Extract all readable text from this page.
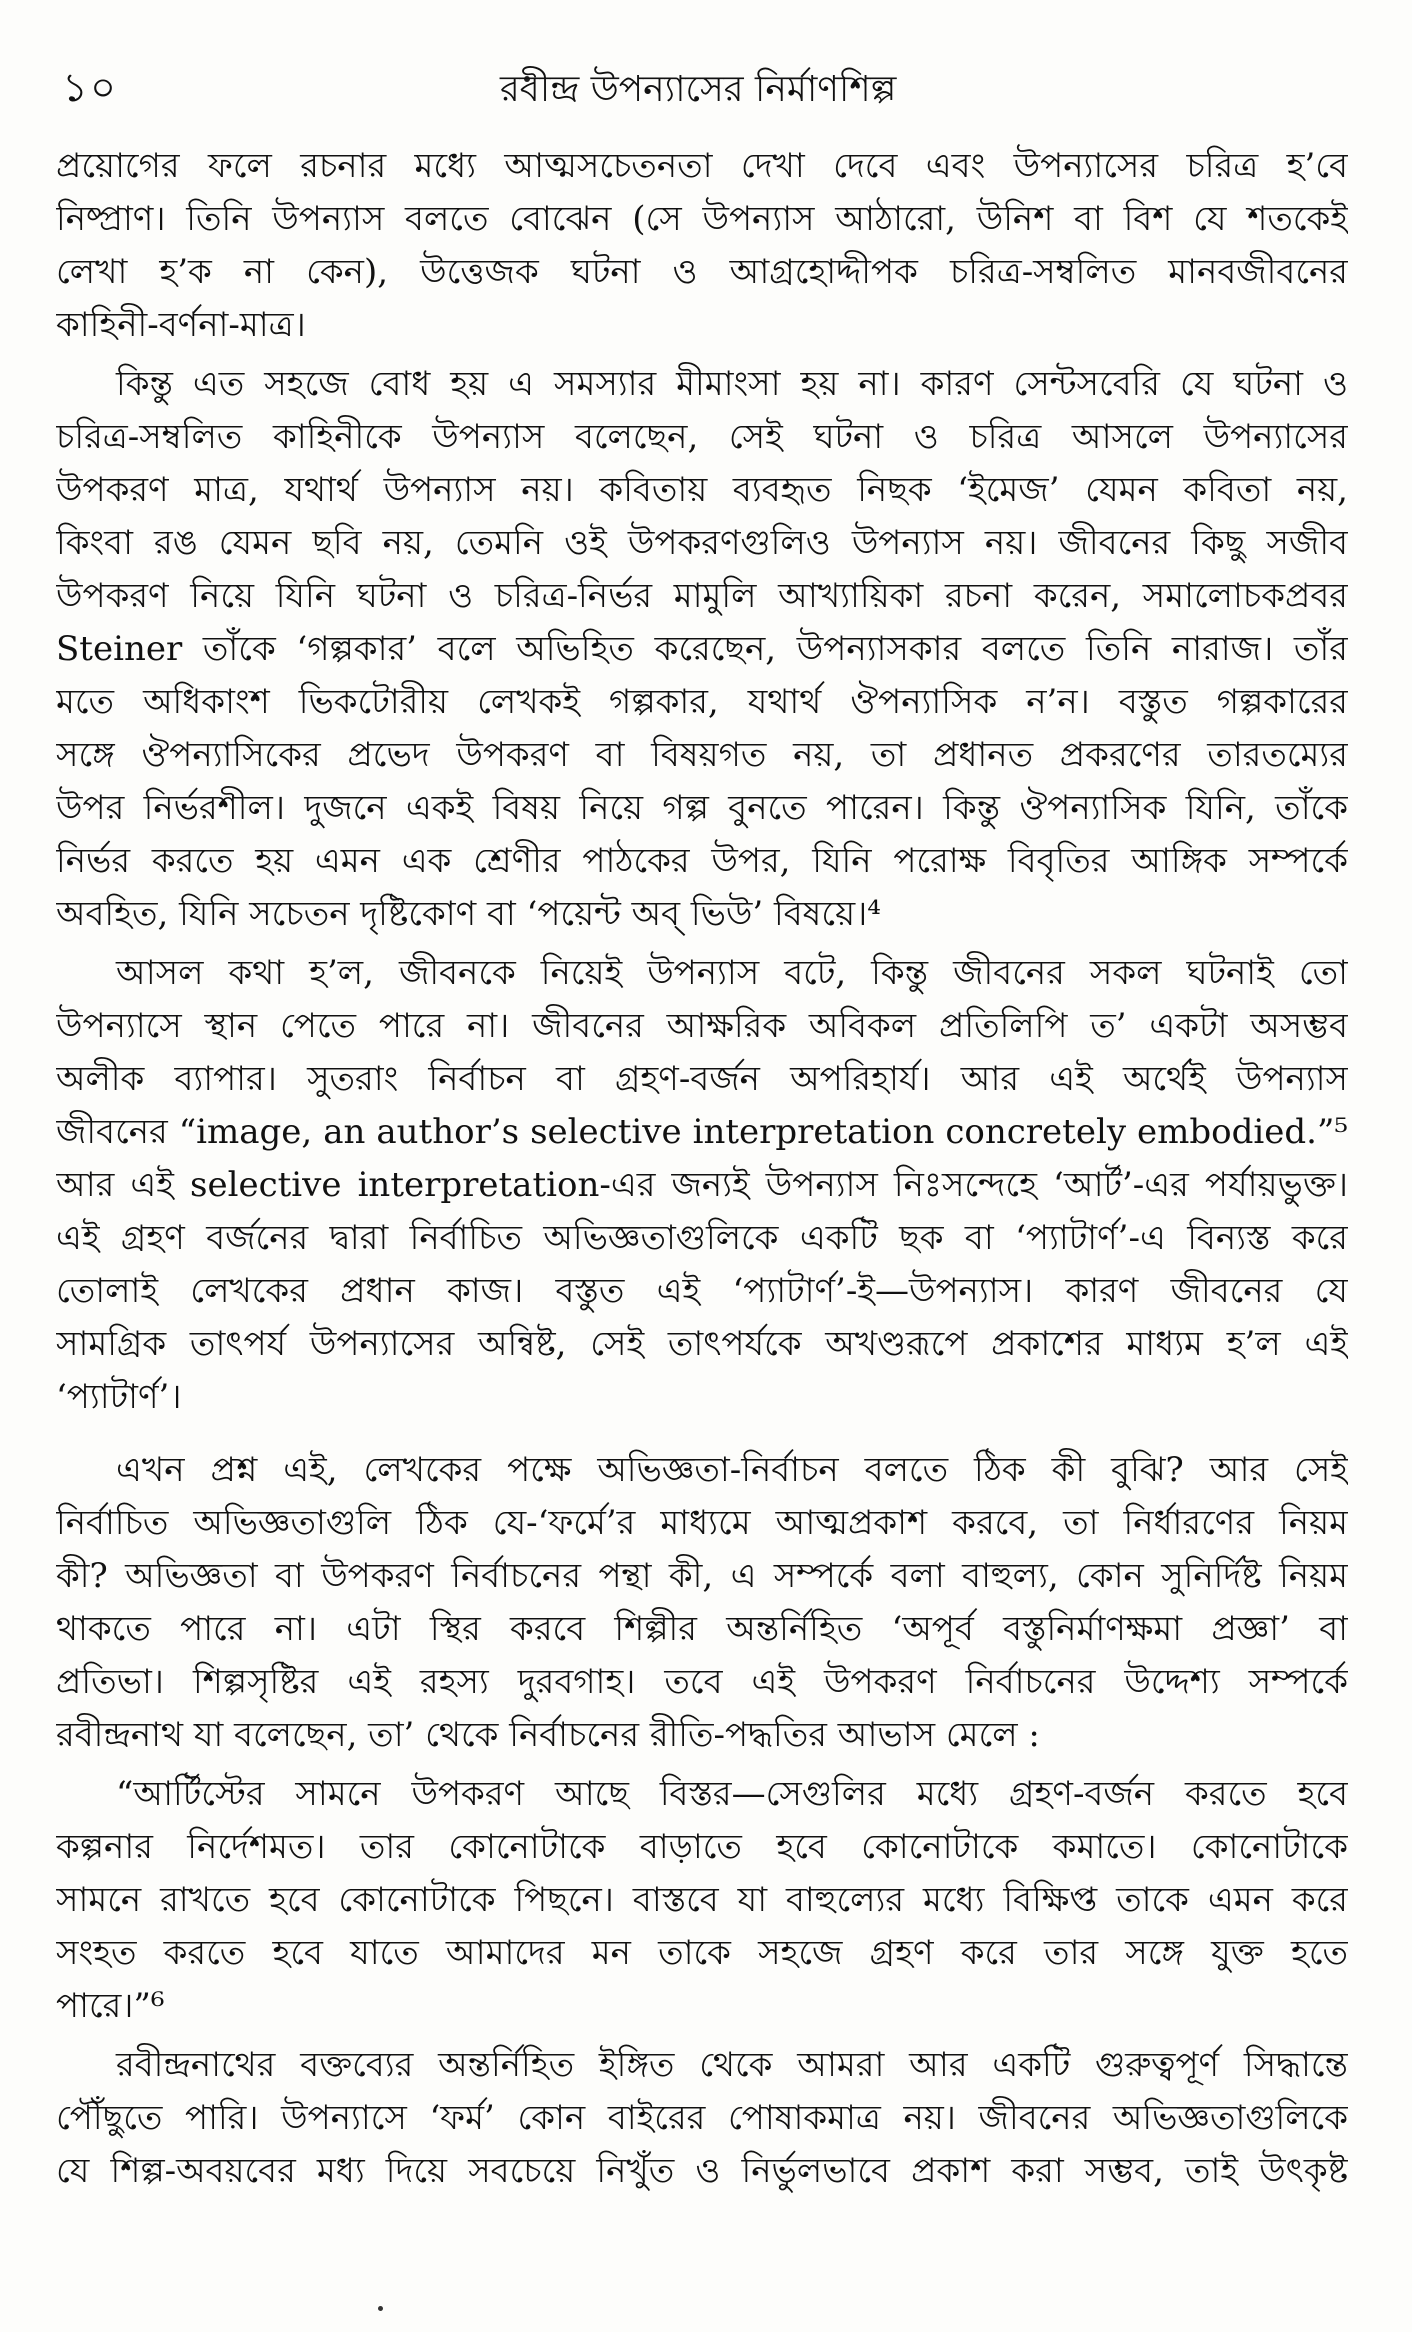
১০	রবীন্দ্র উপন্যাসের নির্মাণশিল্প
প্রয়োগের ফলে রচনার মধ্যে আত্মসচেতনতা দেখা দেবে এবং উপন্যাসের চরিত্র হ’বে
নিষ্প্রাণ। তিনি উপন্যাস বলতে বোঝেন (সে উপন্যাস আঠারো, উনিশ বা বিশ যে শতকেই
লেখা হ’ক না কেন), উত্তেজক ঘটনা ও আগ্রহোদ্দীপক চরিত্র-সম্বলিত মানবজীবনের
কাহিনী-বর্ণনা-মাত্র।
কিন্তু এত সহজে বোধ হয় এ সমস্যার মীমাংসা হয় না। কারণ সেন্টসবেরি যে ঘটনা ও
চরিত্র-সম্বলিত কাহিনীকে উপন্যাস বলেছেন, সেই ঘটনা ও চরিত্র আসলে উপন্যাসের
উপকরণ মাত্র, যথার্থ উপন্যাস নয়। কবিতায় ব্যবহৃত নিছক ‘ইমেজ’ যেমন কবিতা নয়,
কিংবা রঙ যেমন ছবি নয়, তেমনি ওই উপকরণগুলিও উপন্যাস নয়। জীবনের কিছু সজীব
উপকরণ নিয়ে যিনি ঘটনা ও চরিত্র-নির্ভর মামুলি আখ্যায়িকা রচনা করেন, সমালোচকপ্রবর
Steiner তাঁকে ‘গল্পকার’ বলে অভিহিত করেছেন, উপন্যাসকার বলতে তিনি নারাজ। তাঁর
মতে অধিকাংশ ভিকটোরীয় লেখকই গল্পকার, যথার্থ ঔপন্যাসিক ন’ন। বস্তুত গল্পকারের
সঙ্গে ঔপন্যাসিকের প্রভেদ উপকরণ বা বিষয়গত নয়, তা প্রধানত প্রকরণের তারতম্যের
উপর নির্ভরশীল। দুজনে একই বিষয় নিয়ে গল্প বুনতে পারেন। কিন্তু ঔপন্যাসিক যিনি, তাঁকে
নির্ভর করতে হয় এমন এক শ্রেণীর পাঠকের উপর, যিনি পরোক্ষ বিবৃতির আঙ্গিক সম্পর্কে
অবহিত, যিনি সচেতন দৃষ্টিকোণ বা ‘পয়েন্ট অব্ ভিউ’ বিষয়ে।⁴
আসল কথা হ’ল, জীবনকে নিয়েই উপন্যাস বটে, কিন্তু জীবনের সকল ঘটনাই তো
উপন্যাসে স্থান পেতে পারে না। জীবনের আক্ষরিক অবিকল প্রতিলিপি ত’ একটা অসম্ভব
অলীক ব্যাপার। সুতরাং নির্বাচন বা গ্রহণ-বর্জন অপরিহার্য। আর এই অর্থেই উপন্যাস
জীবনের “image, an author’s selective interpretation concretely embodied.”⁵
আর এই selective interpretation-এর জন্যই উপন্যাস নিঃসন্দেহে ‘আর্ট’-এর পর্যায়ভুক্ত।
এই গ্রহণ বর্জনের দ্বারা নির্বাচিত অভিজ্ঞতাগুলিকে একটি ছক বা ‘প্যাটার্ণ’-এ বিন্যস্ত করে
তোলাই লেখকের প্রধান কাজ। বস্তুত এই ‘প্যাটার্ণ’-ই—উপন্যাস। কারণ জীবনের যে
সামগ্রিক তাৎপর্য উপন্যাসের অন্বিষ্ট, সেই তাৎপর্যকে অখণ্ডরূপে প্রকাশের মাধ্যম হ’ল এই
‘প্যাটার্ণ’।
এখন প্রশ্ন এই, লেখকের পক্ষে অভিজ্ঞতা-নির্বাচন বলতে ঠিক কী বুঝি? আর সেই
নির্বাচিত অভিজ্ঞতাগুলি ঠিক যে-‘ফর্মে’র মাধ্যমে আত্মপ্রকাশ করবে, তা নির্ধারণের নিয়ম
কী? অভিজ্ঞতা বা উপকরণ নির্বাচনের পন্থা কী, এ সম্পর্কে বলা বাহুল্য, কোন সুনির্দিষ্ট নিয়ম
থাকতে পারে না। এটা স্থির করবে শিল্পীর অন্তর্নিহিত ‘অপূর্ব বস্তুনির্মাণক্ষমা প্রজ্ঞা’ বা
প্রতিভা। শিল্পসৃষ্টির এই রহস্য দুরবগাহ। তবে এই উপকরণ নির্বাচনের উদ্দেশ্য সম্পর্কে
রবীন্দ্রনাথ যা বলেছেন, তা’ থেকে নির্বাচনের রীতি-পদ্ধতির আভাস মেলে :
“আর্টিস্টের সামনে উপকরণ আছে বিস্তর—সেগুলির মধ্যে গ্রহণ-বর্জন করতে হবে
কল্পনার নির্দেশমত। তার কোনোটাকে বাড়াতে হবে কোনোটাকে কমাতে। কোনোটাকে
সামনে রাখতে হবে কোনোটাকে পিছনে। বাস্তবে যা বাহুল্যের মধ্যে বিক্ষিপ্ত তাকে এমন করে
সংহত করতে হবে যাতে আমাদের মন তাকে সহজে গ্রহণ করে তার সঙ্গে যুক্ত হতে
পারে।”⁶
রবীন্দ্রনাথের বক্তব্যের অন্তর্নিহিত ইঙ্গিত থেকে আমরা আর একটি গুরুত্বপূর্ণ সিদ্ধান্তে
পৌঁছুতে পারি। উপন্যাসে ‘ফর্ম’ কোন বাইরের পোষাকমাত্র নয়। জীবনের অভিজ্ঞতাগুলিকে
যে শিল্প-অবয়বের মধ্য দিয়ে সবচেয়ে নিখুঁত ও নির্ভুলভাবে প্রকাশ করা সম্ভব, তাই উৎকৃষ্ট
